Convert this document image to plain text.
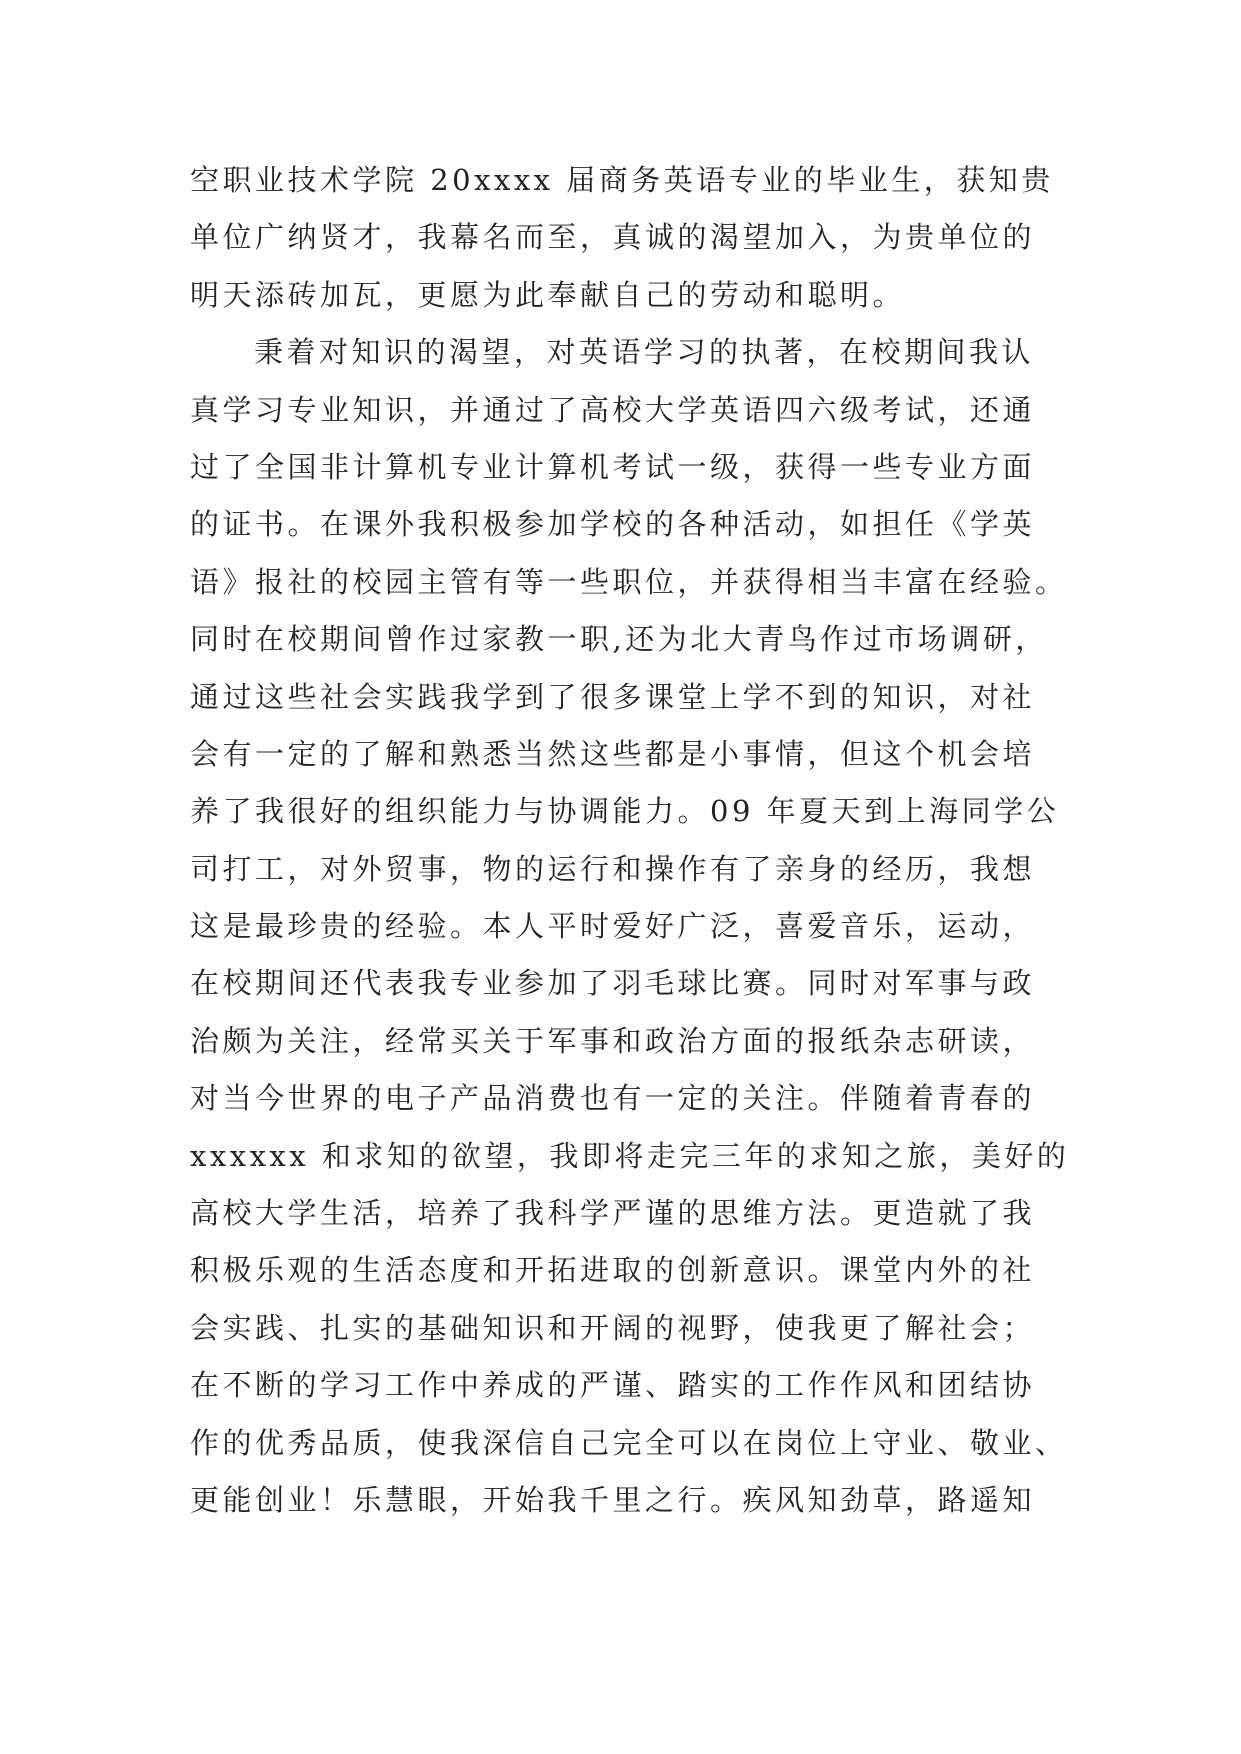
空职业技术学院 20xxxx 届商务英语专业的毕业生，获知贵
单位广纳贤才，我幕名而至，真诚的渴望加入，为贵单位的
明天添砖加瓦，更愿为此奉献自己的劳动和聪明。
秉着对知识的渴望，对英语学习的执著，在校期间我认
真学习专业知识，并通过了高校大学英语四六级考试，还通
过了全国非计算机专业计算机考试一级，获得一些专业方面
的证书。在课外我积极参加学校的各种活动，如担任《学英
语》报社的校园主管有等一些职位，并获得相当丰富在经验。
同时在校期间曾作过家教一职,还为北大青鸟作过市场调研，
通过这些社会实践我学到了很多课堂上学不到的知识，对社
会有一定的了解和熟悉当然这些都是小事情，但这个机会培
养了我很好的组织能力与协调能力。09 年夏天到上海同学公
司打工，对外贸事，物的运行和操作有了亲身的经历，我想
这是最珍贵的经验。本人平时爱好广泛，喜爱音乐，运动，
在校期间还代表我专业参加了羽毛球比赛。同时对军事与政
治颇为关注，经常买关于军事和政治方面的报纸杂志研读，
对当今世界的电子产品消费也有一定的关注。伴随着青春的
xxxxxx 和求知的欲望，我即将走完三年的求知之旅，美好的
高校大学生活，培养了我科学严谨的思维方法。更造就了我
积极乐观的生活态度和开拓进取的创新意识。课堂内外的社
会实践、扎实的基础知识和开阔的视野，使我更了解社会；
在不断的学习工作中养成的严谨、踏实的工作作风和团结协
作的优秀品质，使我深信自己完全可以在岗位上守业、敬业、
更能创业！乐慧眼，开始我千里之行。疾风知劲草，路遥知
